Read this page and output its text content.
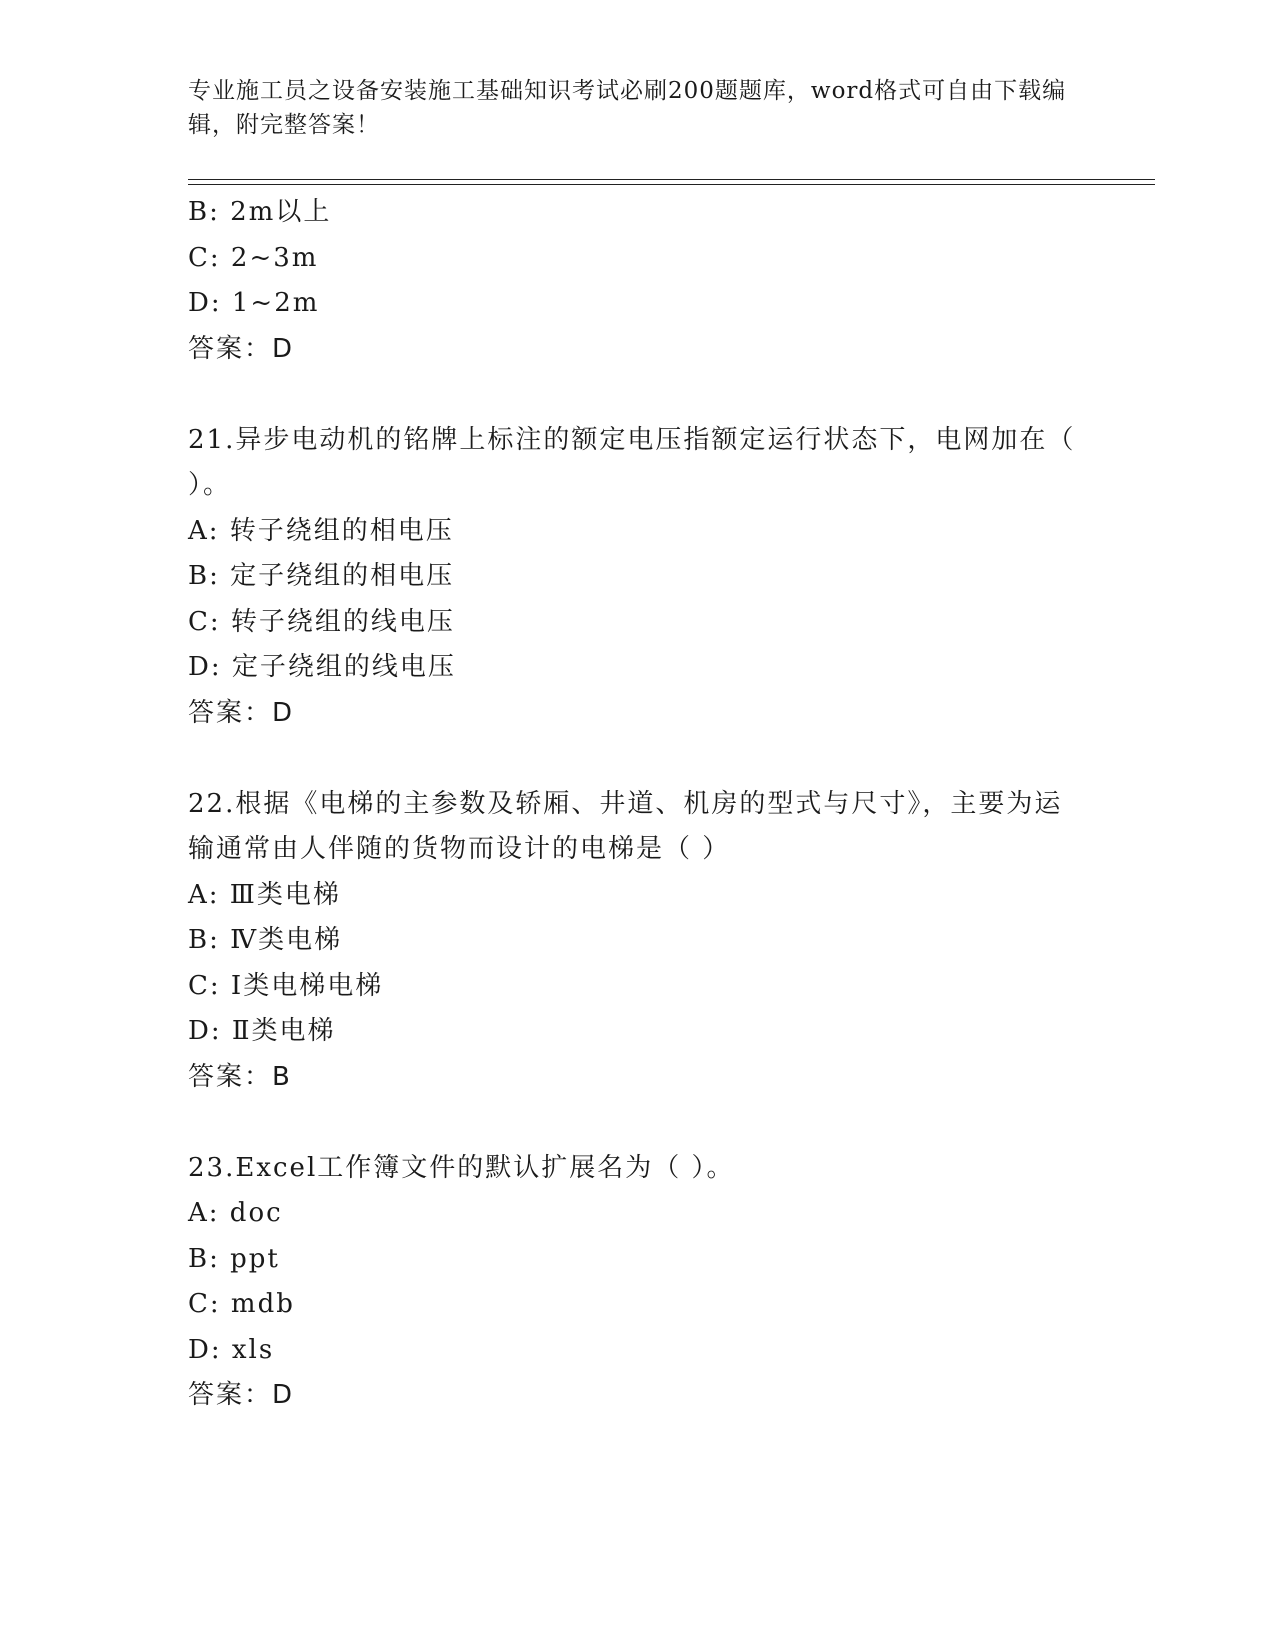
专业施工员之设备安装施工基础知识考试必刷200题题库，word格式可自由下载编辑，附完整答案！
B: 2m以上
C: 2~3m
D: 1~2m
答案：D
21.异步电动机的铭牌上标注的额定电压指额定运行状态下，电网加在（ ）。
A: 转子绕组的相电压
B: 定子绕组的相电压
C: 转子绕组的线电压
D: 定子绕组的线电压
答案：D
22.根据《电梯的主参数及轿厢、井道、机房的型式与尺寸》，主要为运输通常由人伴随的货物而设计的电梯是（ ）
A: Ⅲ类电梯
B: Ⅳ类电梯
C: Ⅰ类电梯电梯
D: Ⅱ类电梯
答案：B
23.Excel工作簿文件的默认扩展名为（ ）。
A: doc
B: ppt
C: mdb
D: xls
答案：D
